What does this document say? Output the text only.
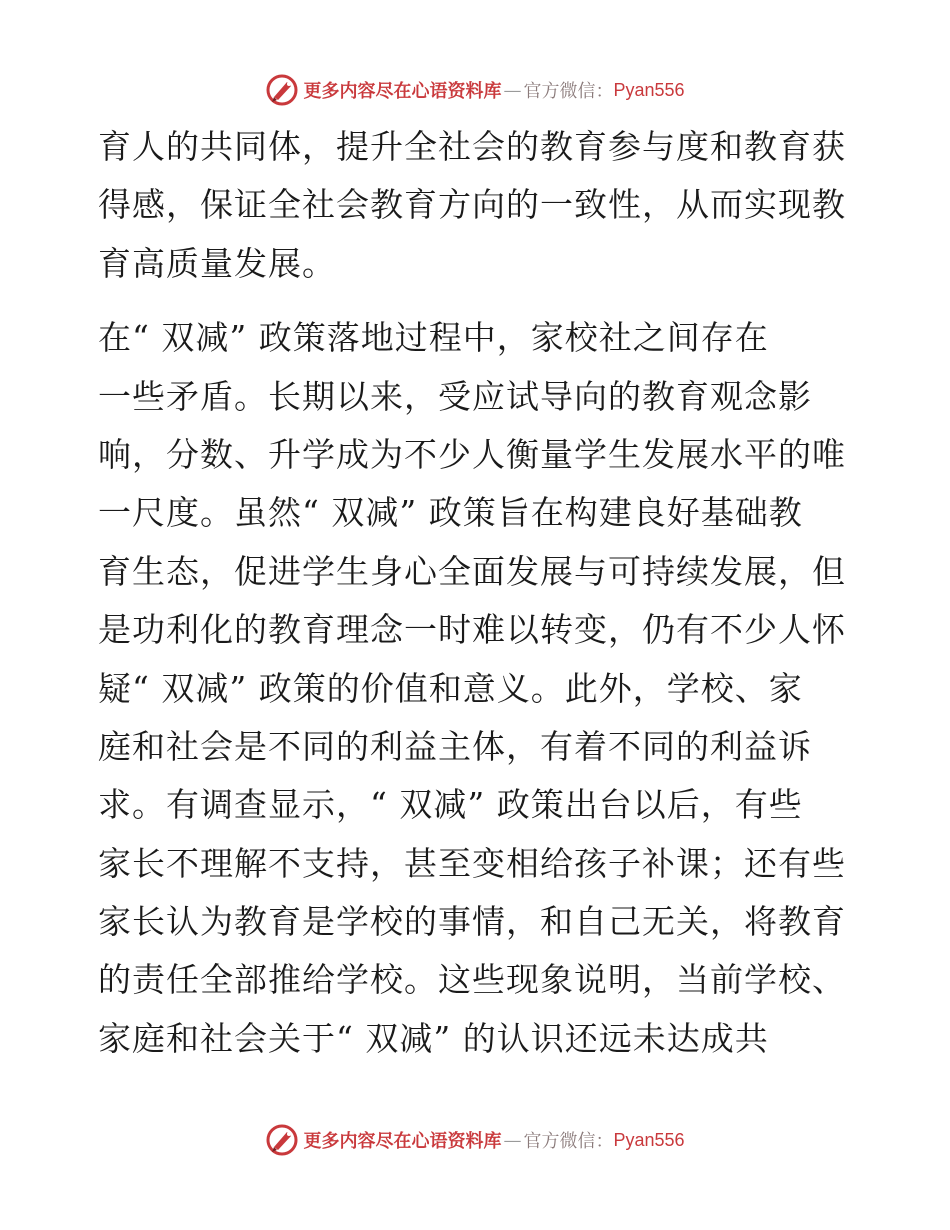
更多内容尽在心语资料库 — 官方微信： Pyan556
育人的共同体，提升全社会的教育参与度和教育获
得感，保证全社会教育方向的一致性，从而实现教
育高质量发展。
在“ 双减” 政策落地过程中，家校社之间存在
一些矛盾。长期以来，受应试导向的教育观念影
响，分数、升学成为不少人衡量学生发展水平的唯
一尺度。虽然“ 双减” 政策旨在构建良好基础教
育生态，促进学生身心全面发展与可持续发展，但
是功利化的教育理念一时难以转变，仍有不少人怀
疑“ 双减” 政策的价值和意义。此外，学校、家
庭和社会是不同的利益主体，有着不同的利益诉
求。有调查显示，“ 双减” 政策出台以后，有些
家长不理解不支持，甚至变相给孩子补课；还有些
家长认为教育是学校的事情，和自己无关，将教育
的责任全部推给学校。这些现象说明，当前学校、
家庭和社会关于“ 双减” 的认识还远未达成共
更多内容尽在心语资料库 — 官方微信： Pyan556
